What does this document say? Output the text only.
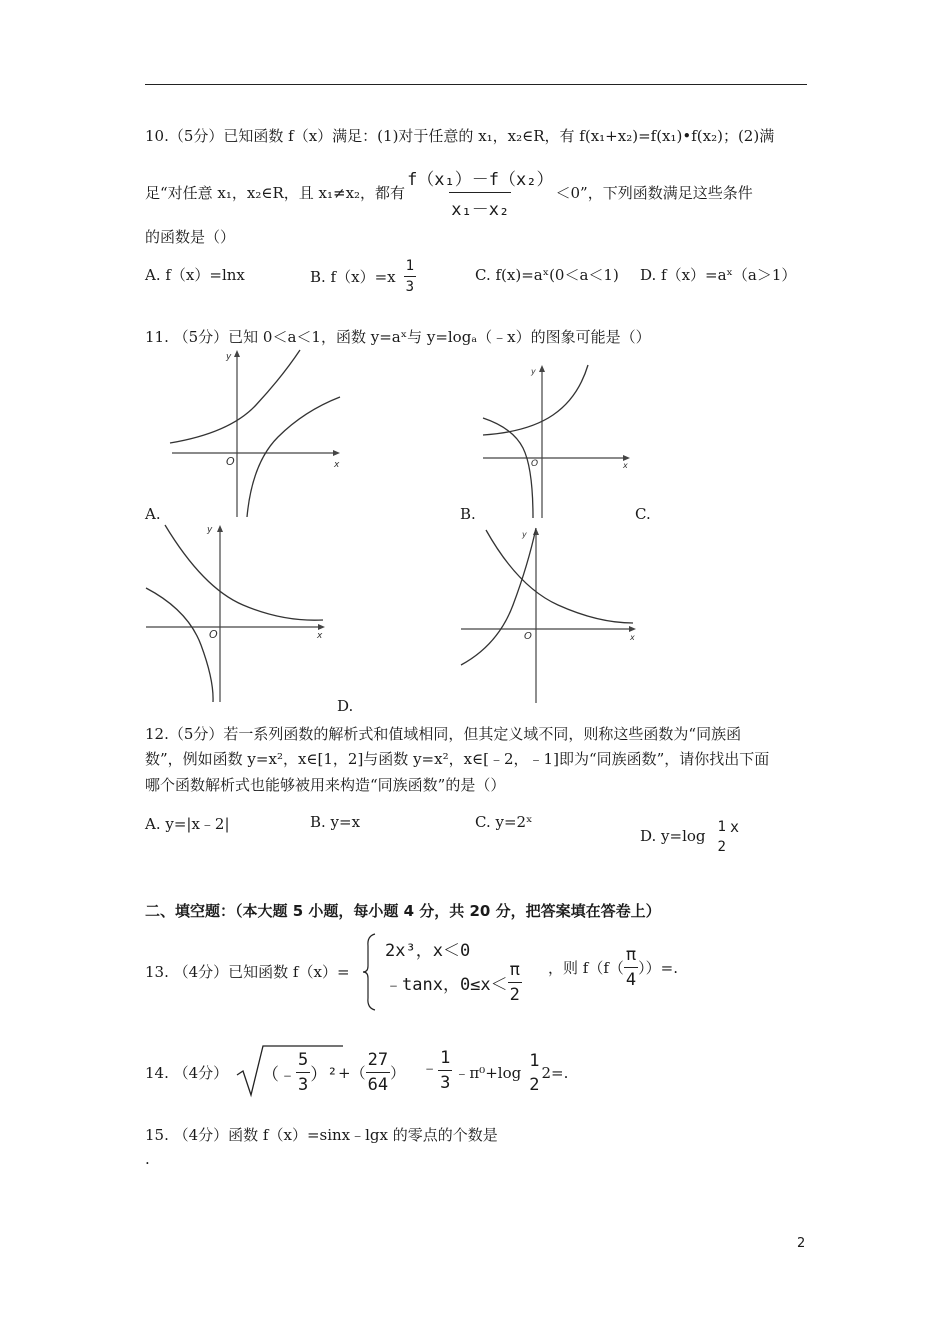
10.（5分）已知函数 f（x）满足：(1)对于任意的 x₁，x₂∈R，有 f(x₁+x₂)=f(x₁)•f(x₂)；(2)满
足“对任意 x₁，x₂∈R，且 x₁≠x₂，都有 $\frac{\text{f（x₁）－f（x₂）}}{\text{x₁－x₂}} <0$”，下列函数满足这些条件
的函数是（）
A. f（x）=lnx	B. $f(x)=x \frac{1}{3}$	C. f(x)=aˣ(0＜a＜1) D. f（x）=aˣ（a＞1）
11. （5分）已知 0＜a＜1，函数 y=aˣ与 y=logₐ（﹣x）的图象可能是（）
y
x
O
A.
y
x
O
B.	C.
y
x
O
y
x
O
D.
12.（5分）若一系列函数的解析式和值域相同，但其定义域不同，则称这些函数为“同族函
数”，例如函数 y=x²，x∈[1，2]与函数 y=x²，x∈[﹣2，﹣1]即为“同族函数”，请你找出下面
哪个函数解析式也能够被用来构造“同族函数”的是（）
A. y=|x﹣2|	B. y=x	C. y=2ˣ
D. y=log 1
2
x
二、填空题：（本大题 5 小题，每小题 4 分，共 20 分，把答案填在答卷上）
13. （4分）已知函数 f（x）=
2x³，x＜0
﹣tanx，$0\le x< \frac{\pi}{2}$ ，则 $f(f( \frac{\pi}{4}$ ））=.
14. （4分） （﹣ $\frac{5}{3} )^2$ +（ $\frac{27}{64}$ ） ﹣ $\frac{1}{3}$ ﹣π⁰+log
1
2
2=.
15. （4分）函数 f（x）=sinx﹣lgx 的零点的个数是
.
2
